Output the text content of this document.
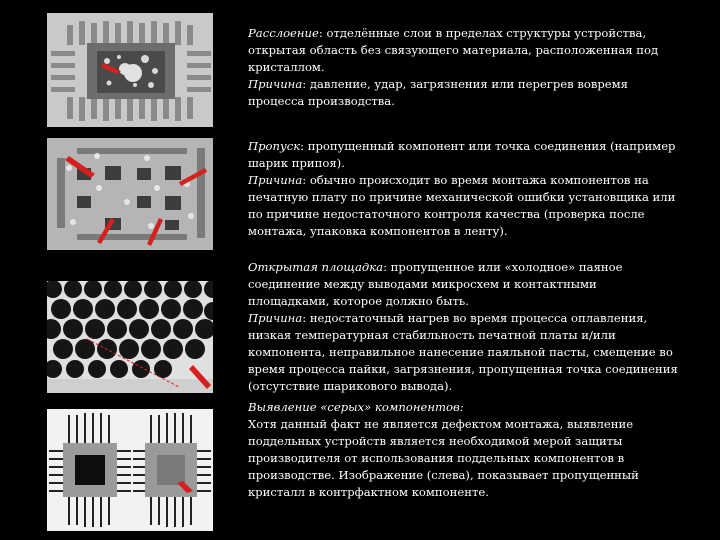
Расслоение: отделённые слои в пределах структуры устройства, открытая область без связующего материала, расположенная под кристаллом.

Причина: давление, удар, загрязнения или перегрев вовремя процесса производства.

Пропуск: пропущенный компонент или точка соединения (например шарик припоя).

Причина: обычно происходит во время монтажа компонентов на печатную плату по причине механической ошибки установщика или по причине недостаточного контроля качества (проверка после монтажа, упаковка компонентов в ленту).

Открытая площадка: пропущенное или «холодное» паяное соединение между выводами микросхем и контактными площадками, которое должно быть.

Причина: недостаточный нагрев во время процесса оплавления, низкая температурная стабильность печатной платы и/или компонента, неправильное нанесение паяльной пасты, смещение во время процесса пайки, загрязнения, пропущенная точка соединения (отсутствие шарикового вывода).

Выявление «серых» компонентов:

Хотя данный факт не является дефектом монтажа, выявление поддельных устройств является необходимой мерой защиты производителя от использования поддельных компонентов в производстве. Изображение (слева), показывает пропущенный кристалл в контрфактном компоненте.
